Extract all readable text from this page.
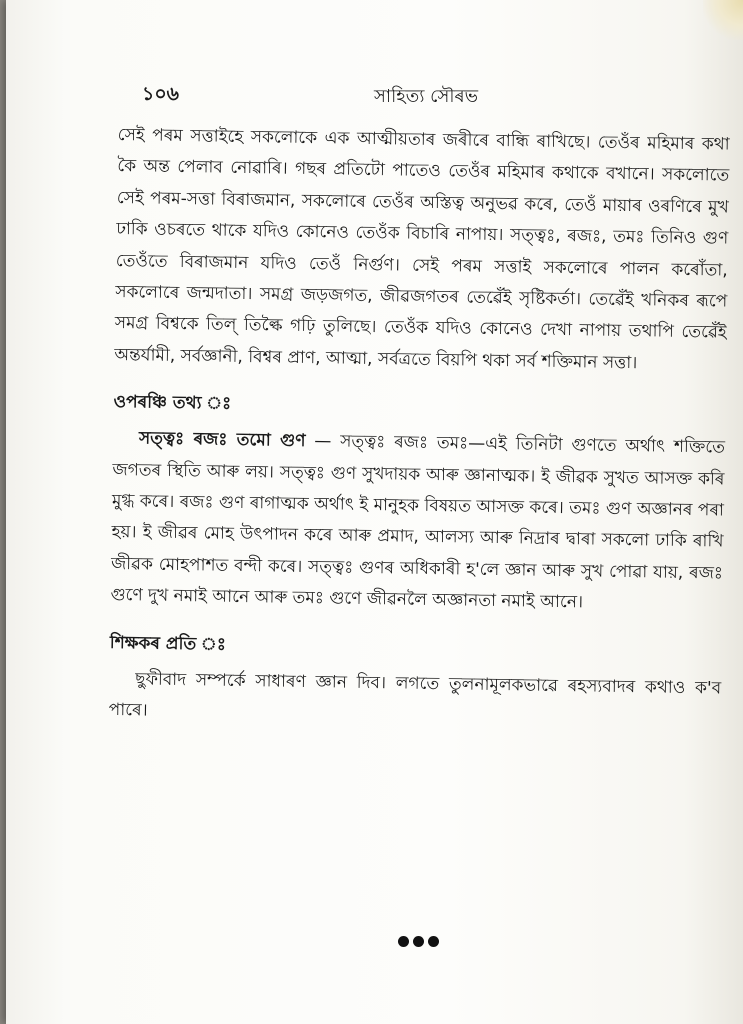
১০৬	সাহিত্য সৌৰভ

সেই পৰম সত্তাইহে সকলোকে এক আত্মীয়তাৰ জৰীৰে বান্ধি ৰাখিছে। তেওঁৰ মহিমাৰ কথা কৈ অন্ত পেলাব নোৱাৰি। গছৰ প্ৰতিটো পাতেও তেওঁৰ মহিমাৰ কথাকে বখানে। সকলোতে সেই পৰম-সত্তা বিৰাজমান, সকলোৰে তেওঁৰ অস্তিত্ব অনুভৱ কৰে, তেওঁ মায়াৰ ওৰণিৰে মুখ ঢাকি ওচৰতে থাকে যদিও কোনেও তেওঁক বিচাৰি নাপায়। সত্ত্বঃ, ৰজঃ, তমঃ তিনিও গুণ তেওঁতে বিৰাজমান যদিও তেওঁ নিৰ্গুণ। সেই পৰম সত্তাই সকলোৰে পালন কৰোঁতা, সকলোৰে জন্মদাতা। সমগ্ৰ জড়জগত, জীৱজগতৰ তেৱেঁই সৃষ্টিকৰ্তা। তেৱেঁই খনিকৰ ৰূপে সমগ্ৰ বিশ্বকে তিল্ তিল্কৈ গঢ়ি তুলিছে। তেওঁক যদিও কোনেও দেখা নাপায় তথাপি তেৱেঁই অন্তৰ্যামী, সৰ্বজ্ঞানী, বিশ্বৰ প্ৰাণ, আত্মা, সৰ্বত্ৰতে বিয়পি থকা সৰ্ব শক্তিমান সত্তা।

ওপৰঞ্চি তথ্য ঃ

সত্ত্বঃ ৰজঃ তমো গুণ — সত্ত্বঃ ৰজঃ তমঃ—এই তিনিটা গুণতে অৰ্থাৎ শক্তিতে জগতৰ স্থিতি আৰু লয়। সত্ত্বঃ গুণ সুখদায়ক আৰু জ্ঞানাত্মক। ই জীৱক সুখত আসক্ত কৰি মুগ্ধ কৰে। ৰজঃ গুণ ৰাগাত্মক অৰ্থাৎ ই মানুহক বিষয়ত আসক্ত কৰে। তমঃ গুণ অজ্ঞানৰ পৰা হয়। ই জীৱৰ মোহ উৎপাদন কৰে আৰু প্ৰমাদ, আলস্য আৰু নিদ্ৰাৰ দ্বাৰা সকলো ঢাকি ৰাখি জীৱক মোহপাশত বন্দী কৰে। সত্ত্বঃ গুণৰ অধিকাৰী হ'লে জ্ঞান আৰু সুখ পোৱা যায়, ৰজঃ গুণে দুখ নমাই আনে আৰু তমঃ গুণে জীৱনলৈ অজ্ঞানতা নমাই আনে।

শিক্ষকৰ প্ৰতি ঃ

ছুফীবাদ সম্পৰ্কে সাধাৰণ জ্ঞান দিব। লগতে তুলনামূলকভাৱে ৰহস্যবাদৰ কথাও ক'ব পাৰে।
